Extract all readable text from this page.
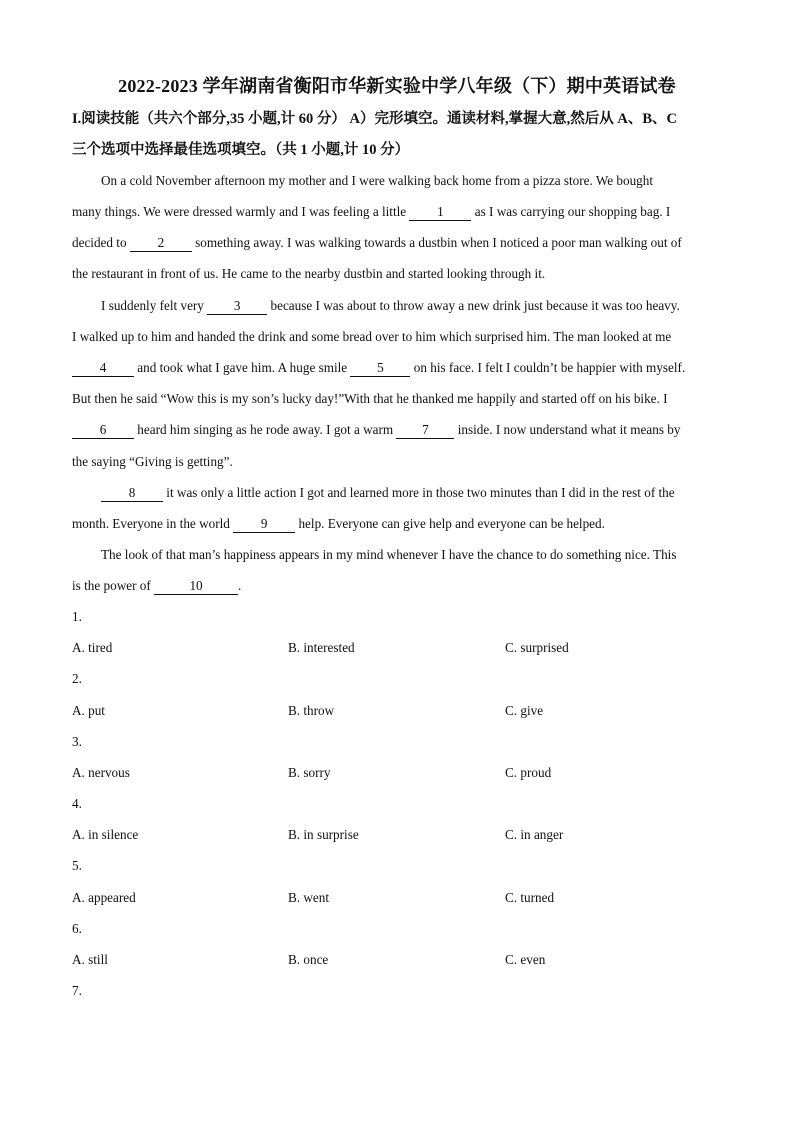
2022-2023 学年湖南省衡阳市华新实验中学八年级（下）期中英语试卷
I.阅读技能（共六个部分,35 小题,计 60 分） A）完形填空。通读材料,掌握大意,然后从 A、B、C
三个选项中选择最佳选项填空。（共 1 小题,计 10 分）
On a cold November afternoon my mother and I were walking back home from a pizza store. We bought
many things. We were dressed warmly and I was feeling a little 1 as I was carrying our shopping bag. I
decided to 2 something away. I was walking towards a dustbin when I noticed a poor man walking out of
the restaurant in front of us. He came to the nearby dustbin and started looking through it.
I suddenly felt very 3 because I was about to throw away a new drink just because it was too heavy.
I walked up to him and handed the drink and some bread over to him which surprised him. The man looked at me
4 and took what I gave him. A huge smile 5 on his face. I felt I couldn’t be happier with myself.
But then he said “Wow this is my son’s lucky day!”With that he thanked me happily and started off on his bike. I
6 heard him singing as he rode away. I got a warm 7 inside. I now understand what it means by
the saying “Giving is getting”.
8 it was only a little action I got and learned more in those two minutes than I did in the rest of the
month. Everyone in the world 9 help. Everyone can give help and everyone can be helped.
The look of that man’s happiness appears in my mind whenever I have the chance to do something nice. This
is the power of	10	.
1.
A. tired	B. interested	C. surprised
2.
A. put	B. throw	C. give
3.
A. nervous	B. sorry	C. proud
4.
A. in silence	B. in surprise	C. in anger
5.
A. appeared	B. went	C. turned
6.
A. still	B. once	C. even
7.
